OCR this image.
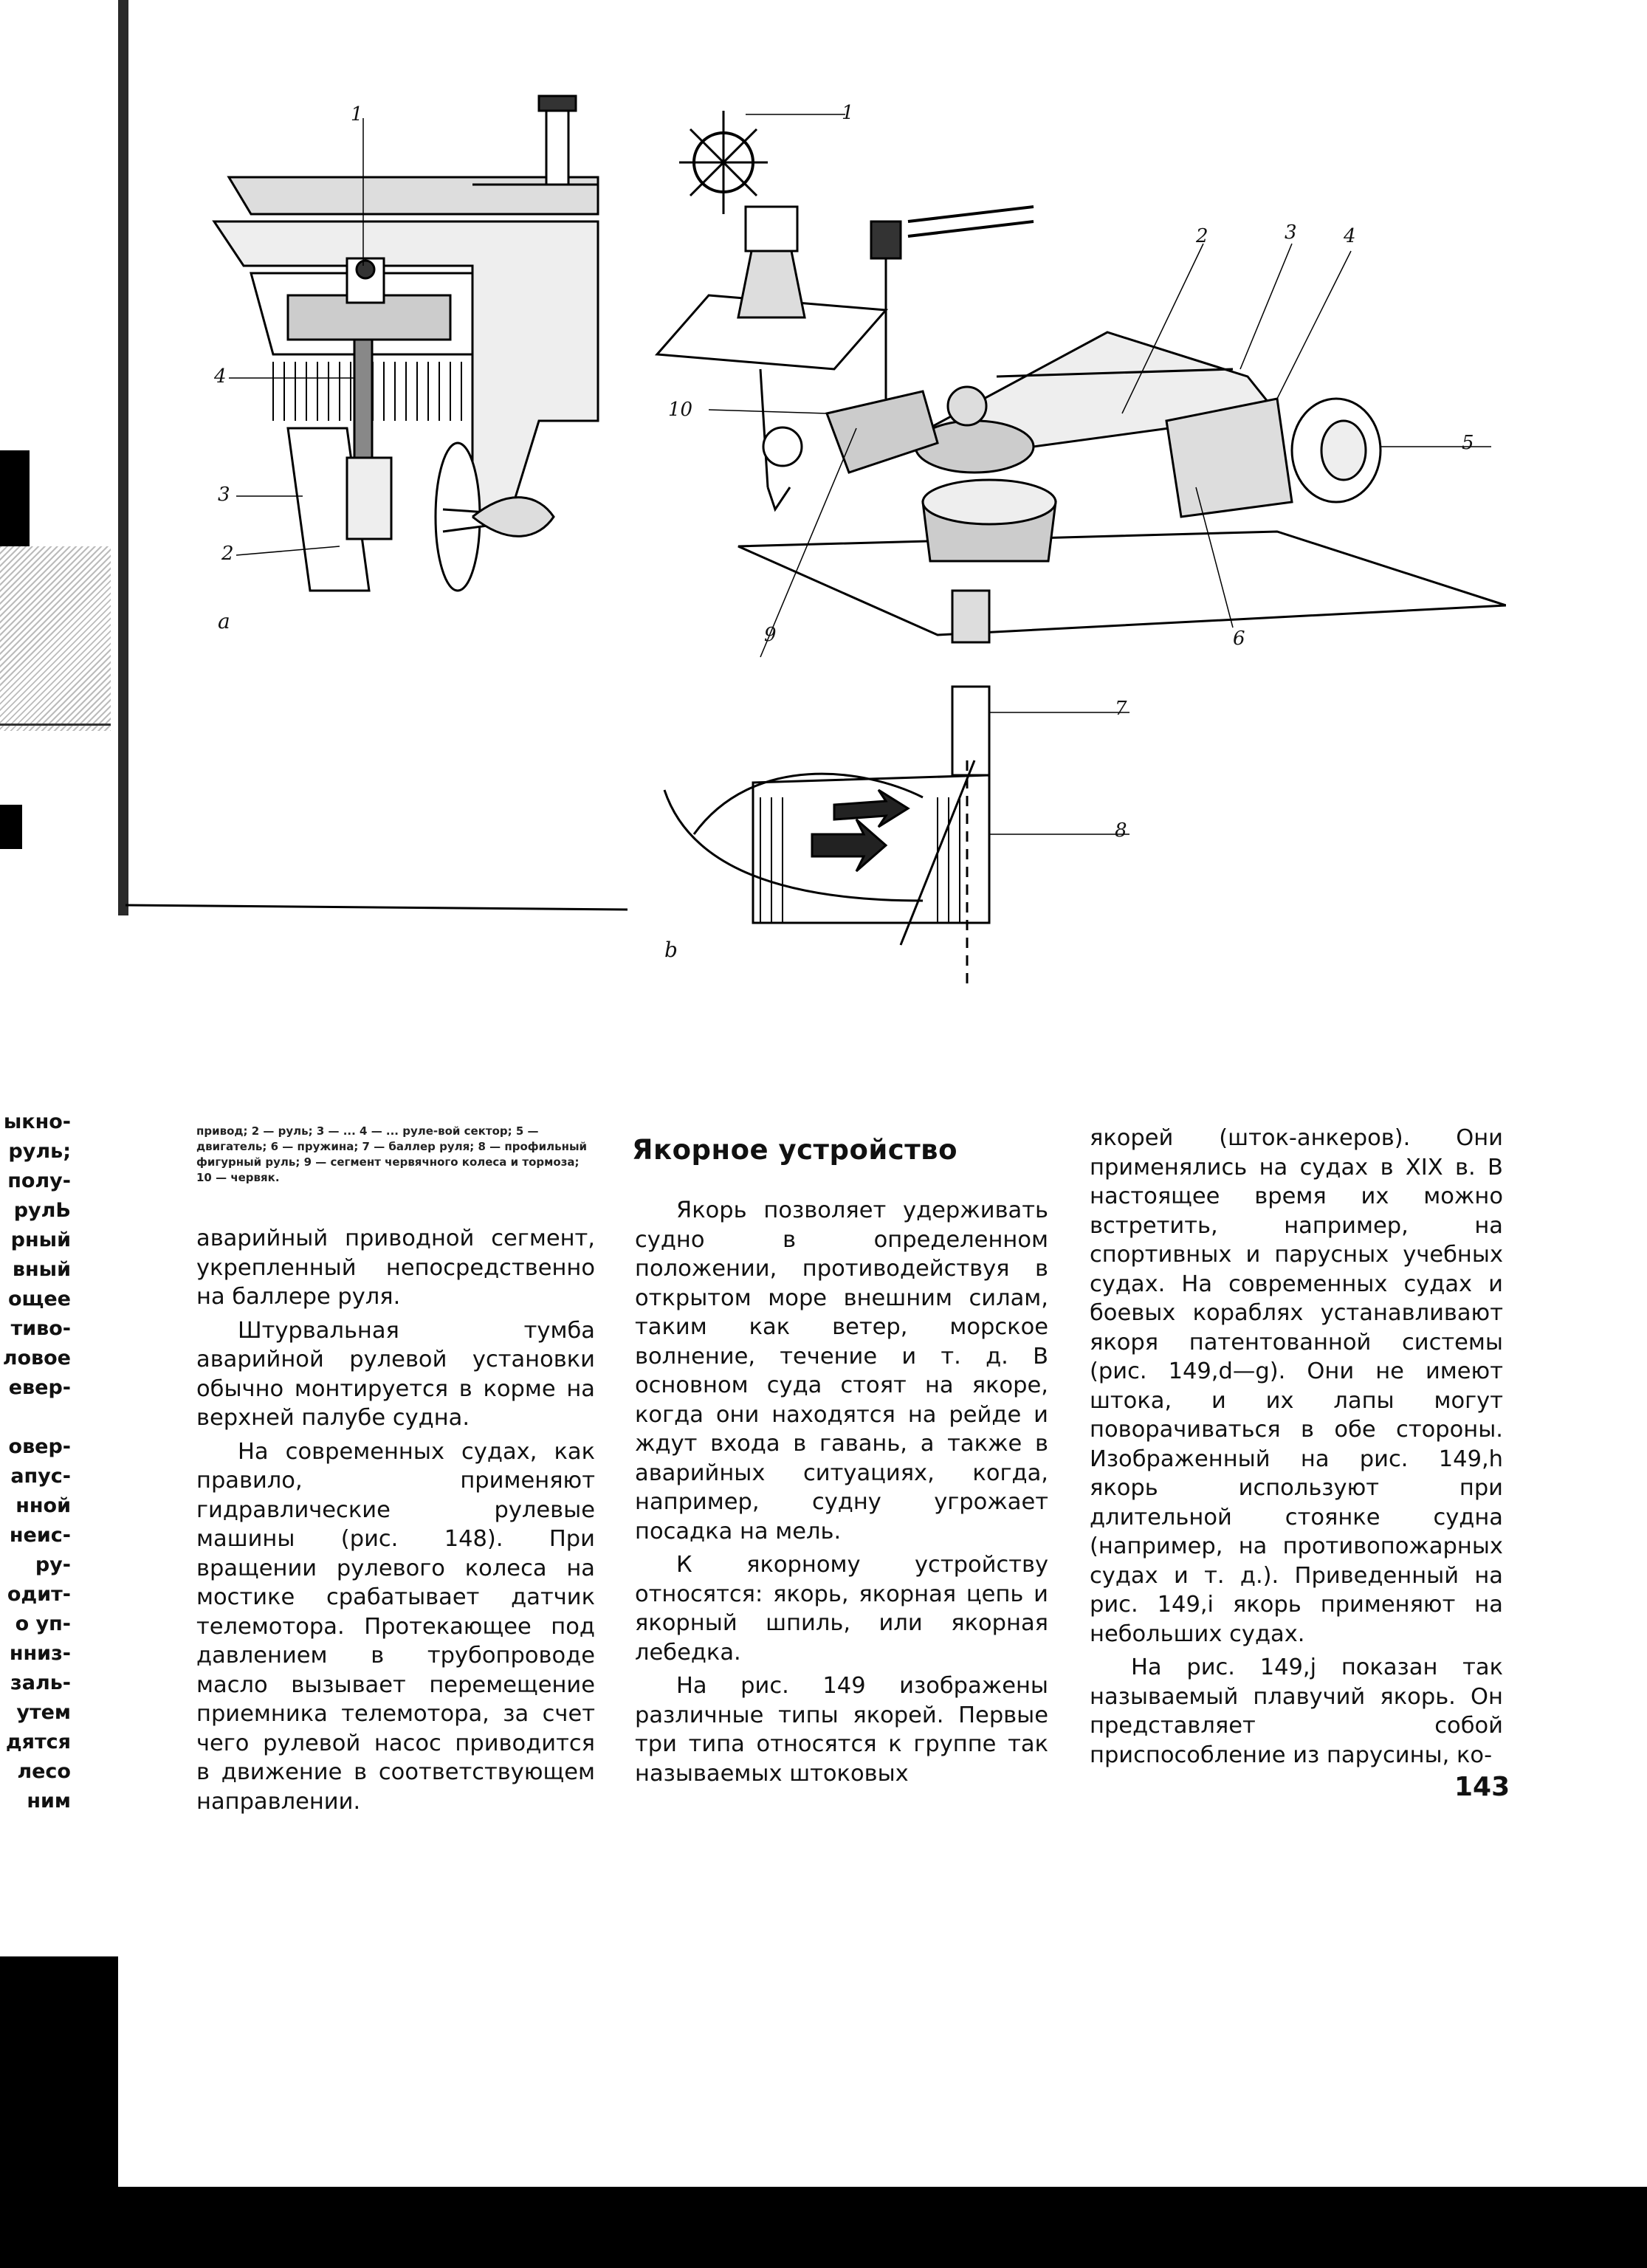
ыкно-
руль;
полу-
рулЬ
рный
вный
ощее
тиво-
ловое
евер-

овер-
апус-
нной
неис-
ру-
одит-
о уп-
нниз-
заль-
утем
дятся
лесо
ним
1
4
3
2
a
1
2	3 4
10
5
9	6
7
8
b
привод; 2 — руль; 3 — ... 4 — ... руле-вой сектор; 5 — двигатель; 6 — пружина; 7 — баллер руля; 8 — профильный фигурный руль; 9 — сегмент червячного колеса и тормоза; 10 — червяк.

аварийный приводной сегмент, укрепленный непосредственно на баллере руля.

Штурвальная тумба аварийной рулевой установки обычно монтируется в корме на верхней палубе судна.

На современных судах, как правило, применяют гидравлические рулевые машины (рис. 148). При вращении рулевого колеса на мостике срабатывает датчик телемотора. Протекающее под давлением в трубопроводе масло вызывает перемещение приемника телемотора, за счет чего рулевой насос приводится в движение в соответствующем направлении.

Якорное устройство

Якорь позволяет удерживать судно в определенном положении, противодействуя в открытом море внешним силам, таким как ветер, морское волнение, течение и т. д. В основном суда стоят на якоре, когда они находятся на рейде и ждут входа в гавань, а также в аварийных ситуациях, когда, например, судну угрожает посадка на мель.

К якорному устройству относятся: якорь, якорная цепь и якорный шпиль, или якорная лебедка.

На рис. 149 изображены различные типы якорей. Первые три типа относятся к группе так называемых штоковых

якорей (шток-анкеров). Они применялись на судах в XIX в. В настоящее время их можно встретить, например, на спортивных и парусных учебных судах. На современных судах и боевых кораблях устанавливают якоря патентованной системы (рис. 149,d—g). Они не имеют штока, и их лапы могут поворачиваться в обе стороны. Изображенный на рис. 149,h якорь используют при длительной стоянке судна (например, на противопожарных судах и т. д.). Приведенный на рис. 149,i якорь применяют на небольших судах.

На рис. 149,j показан так называемый плавучий якорь. Он представляет собой приспособление из парусины, ко-

143
